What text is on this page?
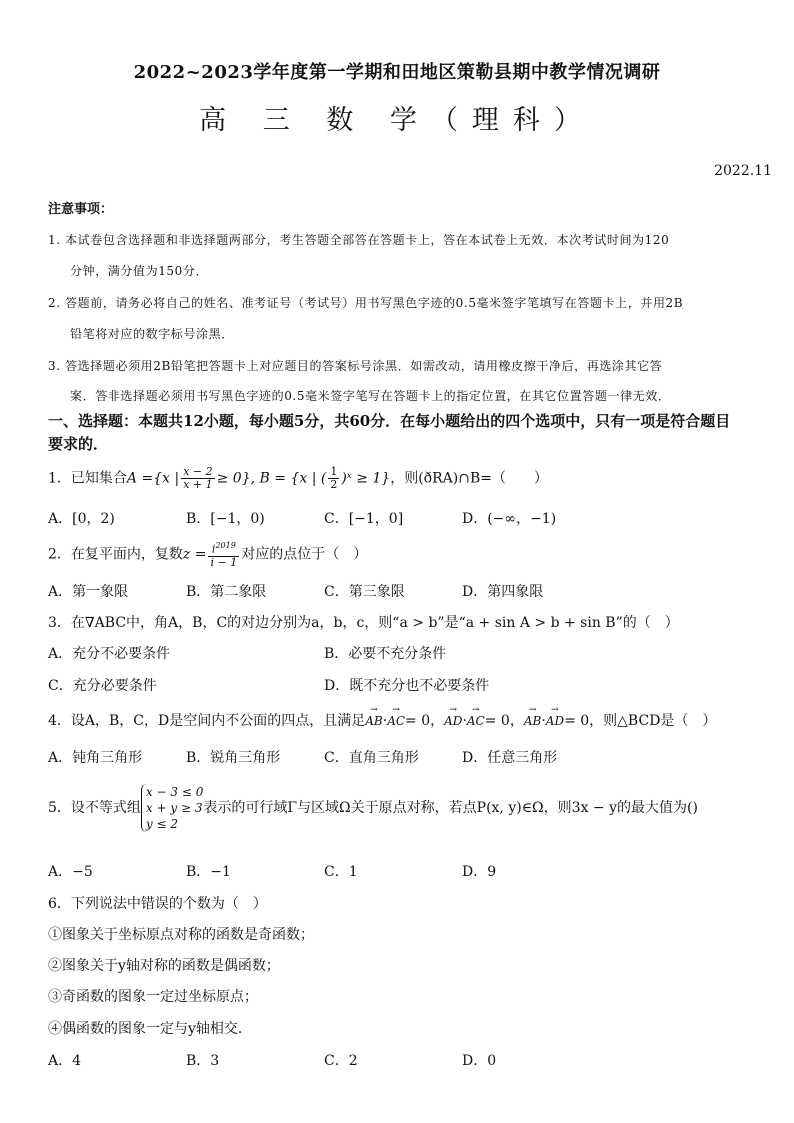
2022~2023学年度第一学期和田地区策勒县期中教学情况调研
高 三 数 学（理科）
2022.11
注意事项：
1. 本试卷包含选择题和非选择题两部分，考生答题全部答在答题卡上，答在本试卷上无效．本次考试时间为120
分钟，满分值为150分．
2. 答题前，请务必将自己的姓名、准考证号（考试号）用书写黑色字迹的0.5毫米签字笔填写在答题卡上，并用2B
铅笔将对应的数字标号涂黑．
3. 答选择题必须用2B铅笔把答题卡上对应题目的答案标号涂黑．如需改动，请用橡皮擦干净后，再选涂其它答
案．答非选择题必须用书写黑色字迹的0.5毫米签字笔写在答题卡上的指定位置，在其它位置答题一律无效．
一、选择题：本题共12小题，每小题5分，共60分．在每小题给出的四个选项中，只有一项是符合题目要求的．
1．已知集合A ={x | $\frac{x - 2}{x + 1} \ge 0$}, B = {x | ( $\frac{1}{2}$ )ˣ ≥ 1}，则(ðRA)∩B=（　　）
A．[0，2)	B．[−1，0)	C．[−1，0]	D．(−∞，−1)
2．在复平面内，复数$z = \frac{i^{2019}}{i - 1}$ 对应的点位于（　）
A．第一象限	B．第二象限	C．第三象限	D．第四象限
3．在∇ABC中，角A，B，C的对边分别为a，b，c，则“a > b”是“a + sin A > b + sin B”的（　）
A．充分不必要条件	B．必要不充分条件
C．充分必要条件	D．既不充分也不必要条件
4．设A，B，C，D是空间内不公面的四点，且满足→ AB·→ AC= 0，→ AD·→ AC= 0，→ AB·→ AD= 0，则△BCD是（　）
A．钝角三角形	B．锐角三角形	C．直角三角形	D．任意三角形
5．设不等式组
x − 3 ≤ 0
x + y ≥ 3
y ≤ 2
表示的可行域Γ与区域Ω关于原点对称，若点P(x, y)∈Ω，则3x − y的最大值为()
A．−5	B．−1	C．1	D．9
6．下列说法中错误的个数为（　）
①图象关于坐标原点对称的函数是奇函数；
②图象关于y轴对称的函数是偶函数；
③奇函数的图象一定过坐标原点；
④偶函数的图象一定与y轴相交．
A．4	B．3	C．2	D．0
